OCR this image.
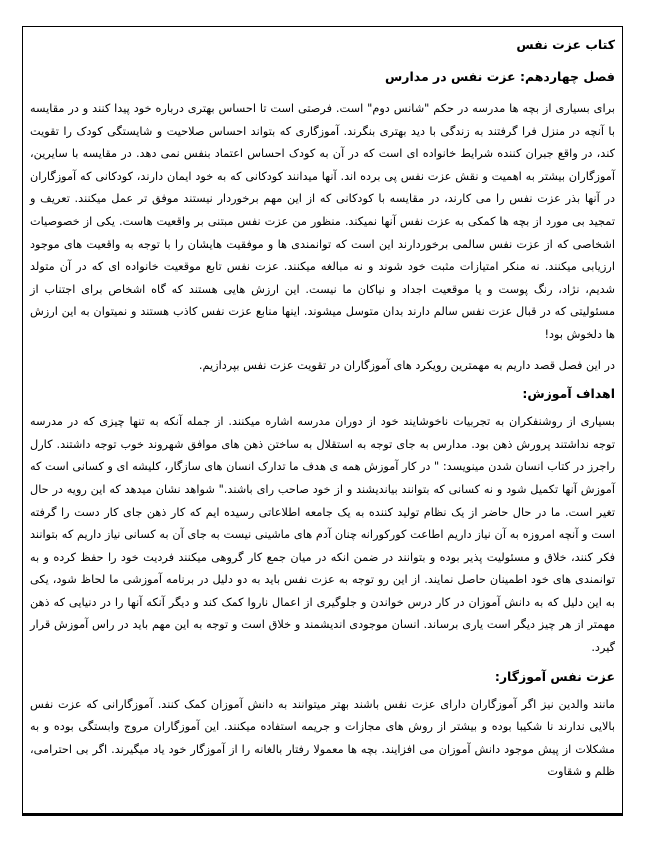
کتاب عزت نفس
فصل چهاردهم: عزت نفس در مدارس

برای بسیاری از بچه ها مدرسه در حکم "شانس دوم" است. فرصتی است تا احساس بهتری درباره خود پیدا کنند و در مقایسه با آنچه در منزل فرا گرفتند به زندگی با دید بهتری بنگرند. آموزگاری که بتواند احساس صلاحیت و شایستگی کودک را تقویت کند، در واقع جبران کننده شرایط خانواده ای است که در آن به کودک احساس اعتماد بنفس نمی دهد. در مقایسه با سایرین، آموزگاران بیشتر به اهمیت و نقش عزت نفس پی برده اند. آنها میدانند کودکانی که به خود ایمان دارند، کودکانی که آموزگاران در آنها بذر عزت نفس را می کارند، در مقایسه با کودکانی که از این مهم برخوردار نیستند موفق تر عمل میکنند. تعریف و تمجید بی مورد از بچه ها کمکی به عزت نفس آنها نمیکند. منظور من عزت نفس مبتنی بر واقعیت هاست. یکی از خصوصیات اشخاصی که از عزت نفس سالمی برخوردارند این است که توانمندی ها و موفقیت هایشان را با توجه به واقعیت های موجود ارزیابی میکنند. نه منکر امتیازات مثبت خود شوند و نه مبالغه میکنند. عزت نفس تابع موقعیت خانواده ای که در آن متولد شدیم، نژاد، رنگ پوست و یا موقعیت اجداد و نیاکان ما نیست. این ارزش هایی هستند که گاه اشخاص برای اجتناب از مسئولیتی که در قبال عزت نفس سالم دارند بدان متوسل میشوند. اینها منابع عزت نفس کاذب هستند و نمیتوان به این ارزش ها دلخوش بود!

در این فصل قصد داریم به مهمترین رویکرد های آموزگاران در تقویت عزت نفس بپردازیم.

اهداف آموزش:

بسیاری از روشنفکران به تجربیات ناخوشایند خود از دوران مدرسه اشاره میکنند. از جمله آنکه به تنها چیزی که در مدرسه توجه نداشتند پرورش ذهن بود. مدارس به جای توجه به استقلال به ساختن ذهن های موافق شهروند خوب توجه داشتند. کارل راجرز در کتاب انسان شدن مینویسد: " در کار آموزش همه ی هدف ما تدارک انسان های سازگار، کلیشه ای و کسانی است که آموزش آنها تکمیل شود و نه کسانی که بتوانند بیاندیشند و از خود صاحب رای باشند." شواهد نشان میدهد که این رویه در حال تغیر است. ما در حال حاضر از یک نظام تولید کننده به یک جامعه اطلاعاتی رسیده ایم که کار ذهن جای کار دست را گرفته است و آنچه امروزه به آن نیاز داریم اطاعت کورکورانه چنان آدم های ماشینی نیست به جای آن به کسانی نیاز داریم که بتوانند فکر کنند، خلاق و مسئولیت پذیر بوده و بتوانند در ضمن انکه در میان جمع کار گروهی میکنند فردیت خود را حفظ کرده و به توانمندی های خود اطمینان حاصل نمایند. از این رو توجه به عزت نفس باید به دو دلیل در برنامه آموزشی ما لحاظ شود، یکی به این دلیل که به دانش آموزان در کار درس خواندن و جلوگیری از اعمال ناروا کمک کند و دیگر آنکه آنها را در دنیایی که ذهن مهمتر از هر چیز دیگر است یاری برساند. انسان موجودی اندیشمند و خلاق است و توجه به این مهم باید در راس آموزش قرار گیرد.

عزت نفس آموزگار:

مانند والدین نیز اگر آموزگاران دارای عزت نفس باشند بهتر میتوانند به دانش آموزان کمک کنند. آموزگارانی که عزت نفس بالایی ندارند نا شکیبا بوده و بیشتر از روش های مجازات و جریمه استفاده میکنند. این آموزگاران مروج وابستگی بوده و به مشکلات از پیش موجود دانش آموزان می افزایند. بچه ها معمولا رفتار بالغانه را از آموزگار خود یاد میگیرند. اگر بی احترامی، ظلم و شقاوت
